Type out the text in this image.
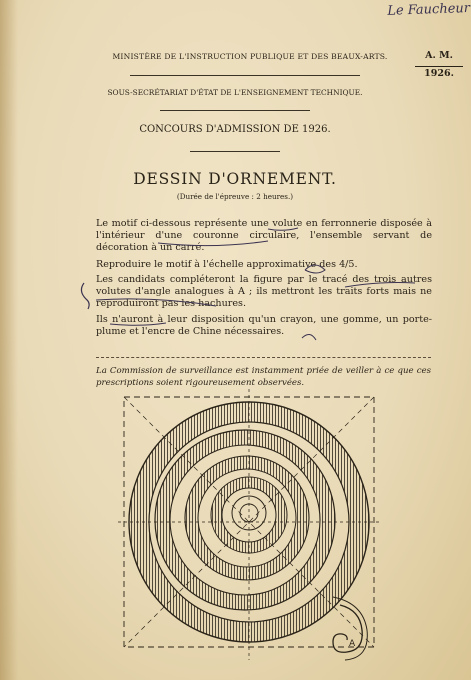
Le Faucheur
MINISTÈRE DE L'INSTRUCTION PUBLIQUE ET DES BEAUX-ARTS.	A. M.
1926.
SOUS-SECRÉTARIAT D'ÉTAT DE L'ENSEIGNEMENT TECHNIQUE.
CONCOURS D'ADMISSION DE 1926.
DESSIN D'ORNEMENT.
(Durée de l'épreuve : 2 heures.)

Le motif ci-dessous représente une volute en ferronnerie disposée à l'intérieur d'une couronne circulaire, l'ensemble servant de décoration à un carré.

Reproduire le motif à l'échelle approximative des 4/5.

Les candidats compléteront la figure par le tracé des trois autres volutes d'angle analogues à A ; ils mettront les traits forts mais ne reproduiront pas les hachures.

Ils n'auront à leur disposition qu'un crayon, une gomme, un porte-plume et l'encre de Chine nécessaires.

La Commission de surveillance est instamment priée de veiller à ce que ces prescriptions soient rigoureusement observées.

A
